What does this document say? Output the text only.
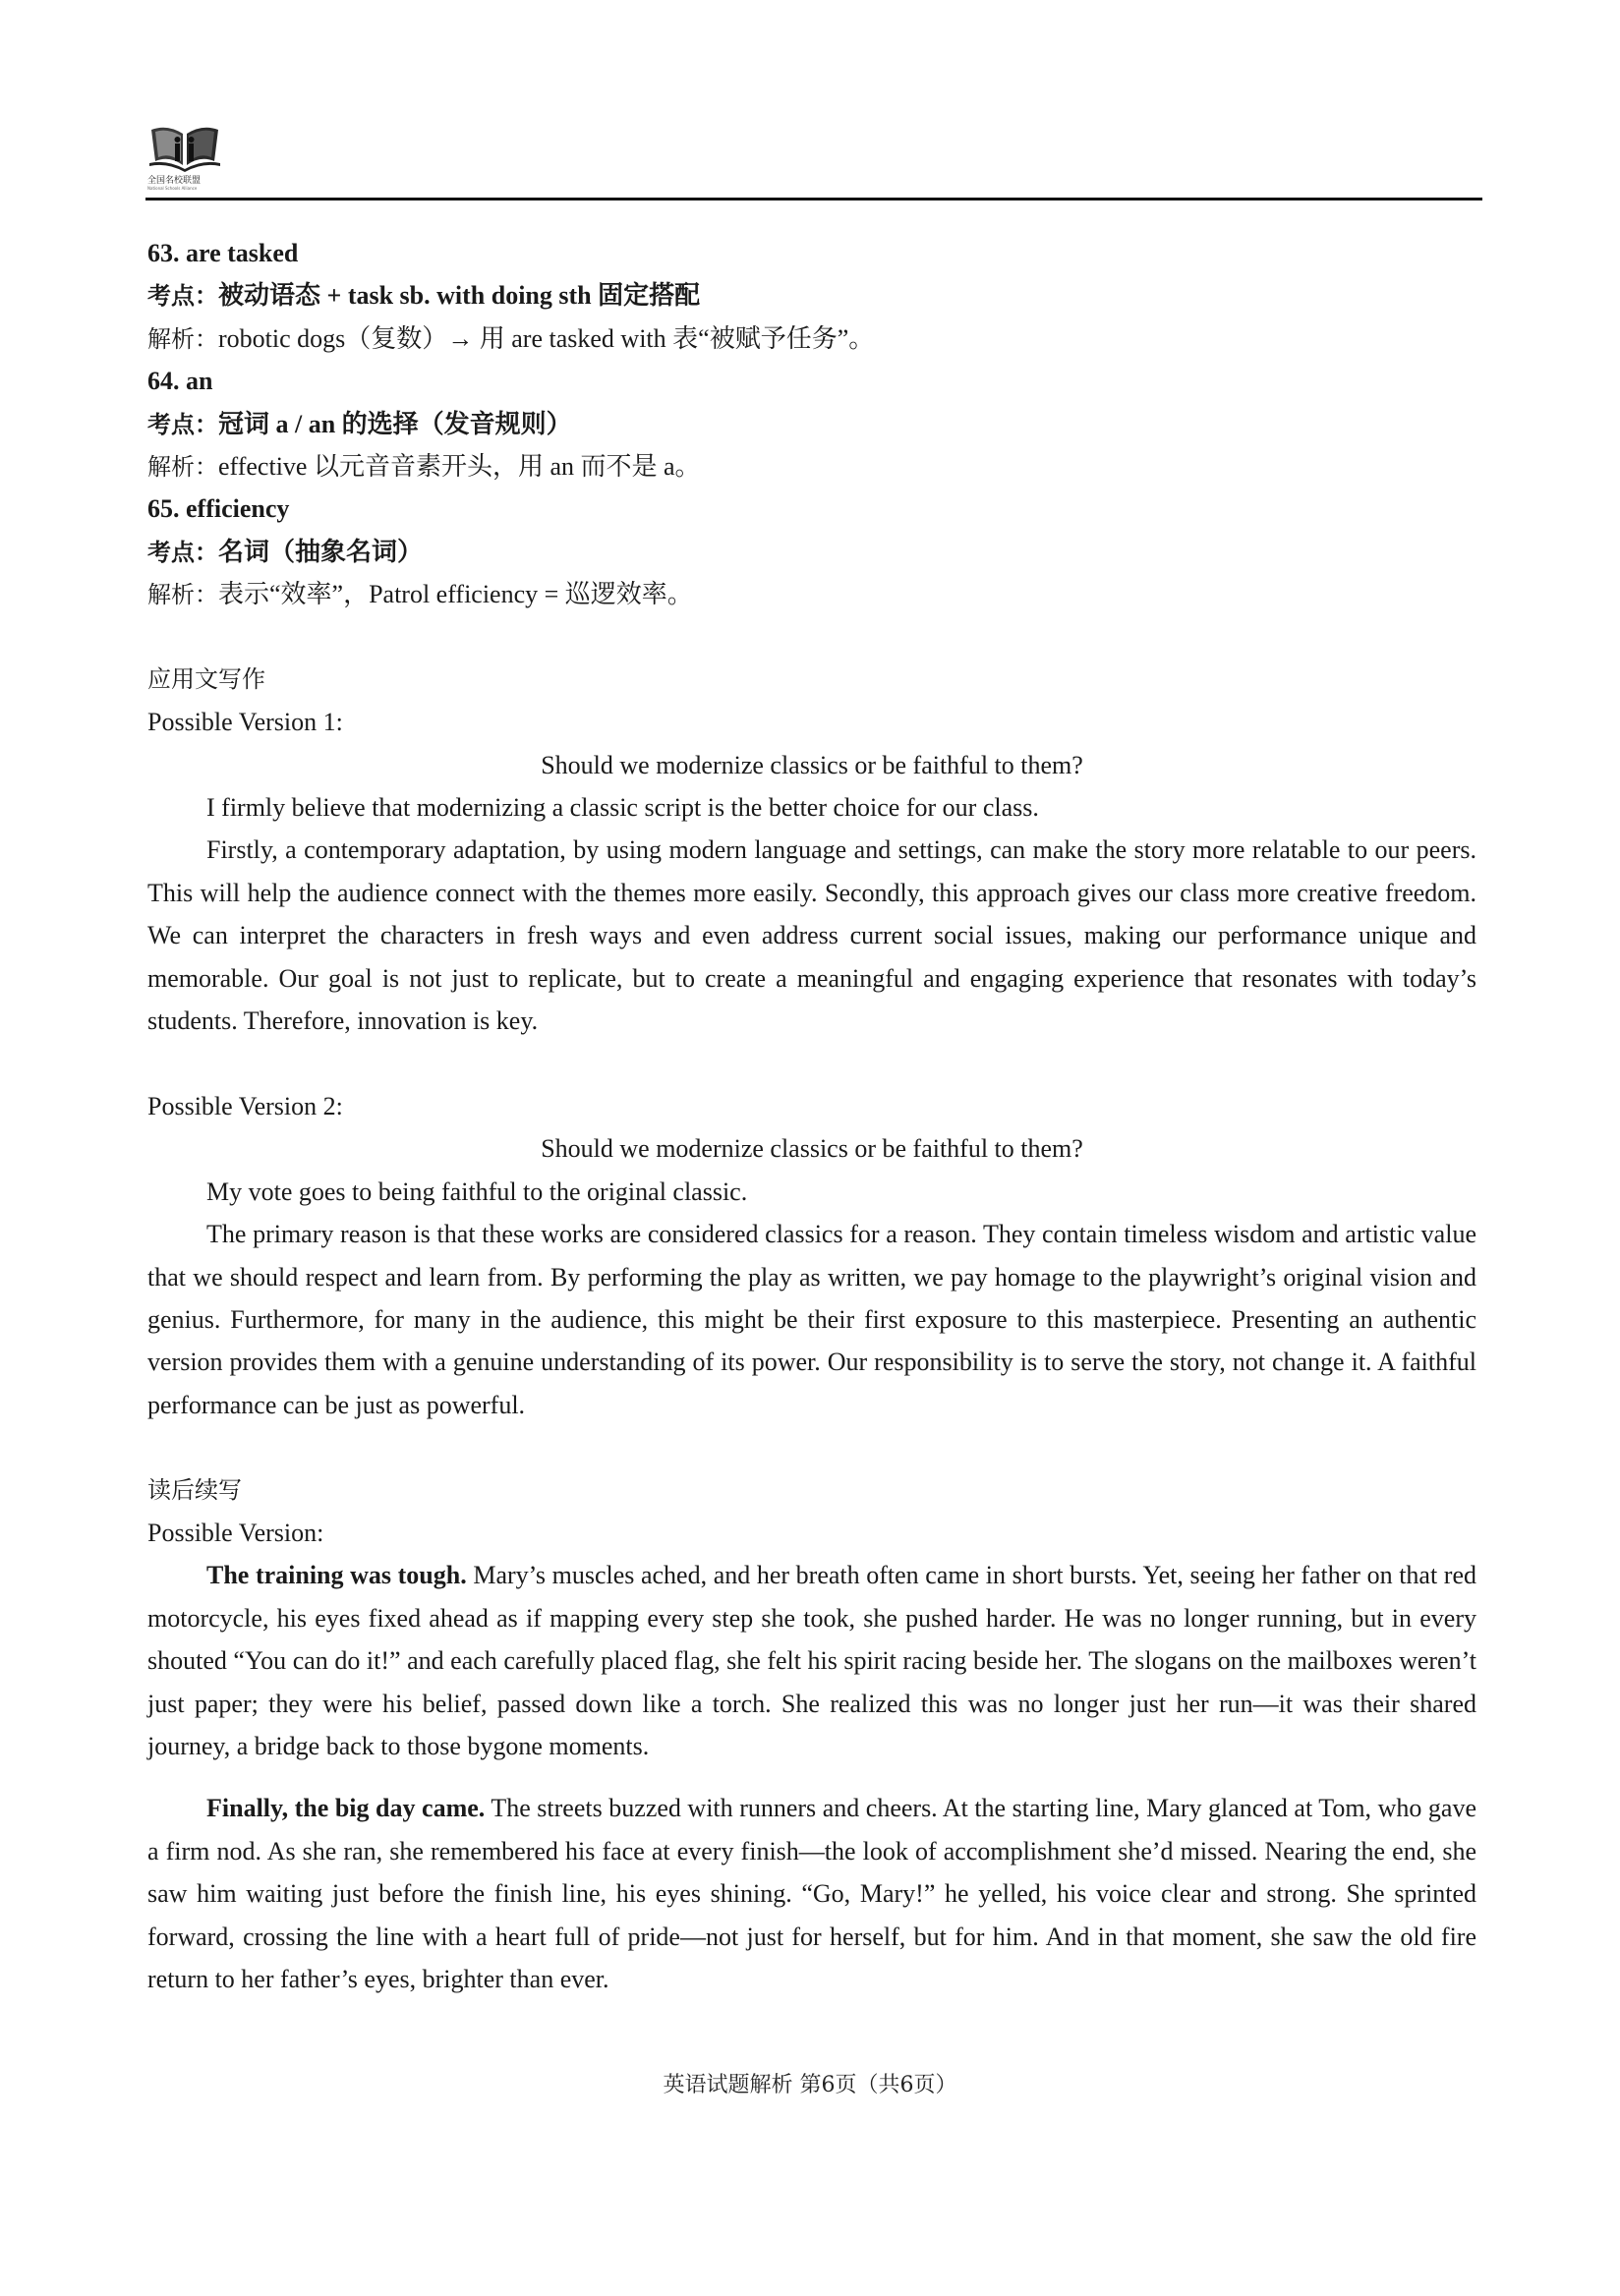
全国名校联盟
National Schools Alliance
63. are tasked
考点：被动语态 + task sb. with doing sth 固定搭配
解析：robotic dogs（复数）→ 用 are tasked with 表“被赋予任务”。
64. an
考点：冠词 a / an 的选择（发音规则）
解析：effective 以元音音素开头，用 an 而不是 a。
65. efficiency
考点：名词（抽象名词）
解析：表示“效率”，Patrol efficiency = 巡逻效率。
应用文写作
Possible Version 1:
Should we modernize classics or be faithful to them?

I firmly believe that modernizing a classic script is the better choice for our class.

Firstly, a contemporary adaptation, by using modern language and settings, can make the story more relatable to our peers. This will help the audience connect with the themes more easily. Secondly, this approach gives our class more creative freedom. We can interpret the characters in fresh ways and even address current social issues, making our performance unique and memorable. Our goal is not just to replicate, but to create a meaningful and engaging experience that resonates with today’s students. Therefore, innovation is key.

Possible Version 2:
Should we modernize classics or be faithful to them?

My vote goes to being faithful to the original classic.

The primary reason is that these works are considered classics for a reason. They contain timeless wisdom and artistic value that we should respect and learn from. By performing the play as written, we pay homage to the playwright’s original vision and genius. Furthermore, for many in the audience, this might be their first exposure to this masterpiece. Presenting an authentic version provides them with a genuine understanding of its power. Our responsibility is to serve the story, not change it. A faithful performance can be just as powerful.

读后续写
Possible Version:

The training was tough. Mary’s muscles ached, and her breath often came in short bursts. Yet, seeing her father on that red motorcycle, his eyes fixed ahead as if mapping every step she took, she pushed harder. He was no longer running, but in every shouted “You can do it!” and each carefully placed flag, she felt his spirit racing beside her. The slogans on the mailboxes weren’t just paper; they were his belief, passed down like a torch. She realized this was no longer just her run—it was their shared journey, a bridge back to those bygone moments.

Finally, the big day came. The streets buzzed with runners and cheers. At the starting line, Mary glanced at Tom, who gave a firm nod. As she ran, she remembered his face at every finish—the look of accomplishment she’d missed. Nearing the end, she saw him waiting just before the finish line, his eyes shining. “Go, Mary!” he yelled, his voice clear and strong. She sprinted forward, crossing the line with a heart full of pride—not just for herself, but for him. And in that moment, she saw the old fire return to her father’s eyes, brighter than ever.

英语试题解析 第6页（共6页）
